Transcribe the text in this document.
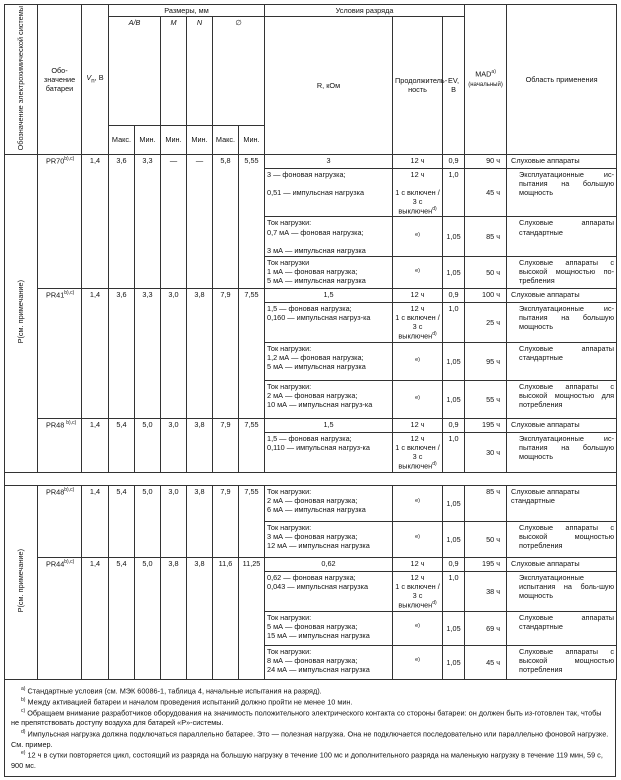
Обозначение электрохимической системы	Обо-значение батареи	$V_n$, В	Размеры, мм						Условия разряда			MAD$^{a)}$
(начальный)	Область применения
			A/B		M	N	∅		R, кОм	Продолжитель-ность	EV, В		
			Макс.	Мин.	Мин.	Мин.	Макс.	Мин.					
P(см. примечание)	$PR70^{b),c)}$	1,4	3,6	3,3	—	—	5,8	5,55	3	12 ч	0,9	90 ч	Слуховые аппараты
									3 — фоновая нагрузка;

0,51 — импульсная нагрузка	12 ч

1 с включен /
3 с выключен$^{d)}$	1,0	45 ч	Эксплуатационные ис-пытания на большую мощность
									Ток нагрузки:
0,7 мА — фоновая нагрузка;

3 мА — импульсная нагрузка	$^{e)}$	1,05	85 ч	Слуховые аппараты стандартные
									Ток нагрузки
1 мА — фоновая нагрузка;
5 мА — импульсная нагрузка	$^{e)}$	1,05	50 ч	Слуховые аппараты с высокой мощностью по-требления
	$PR41^{b),c)}$	1,4	3,6	3,3	3,0	3,8	7,9	7,55	1,5	12 ч	0,9	100 ч	Слуховые аппараты
									1,5 — фоновая нагрузка;
0,160 — импульсная нагруз-ка	12 ч
1 с включен /
3 с выключен$^{d)}$	1,0	25 ч	Эксплуатационные ис-пытания на большую мощность
									Ток нагрузки:
1,2 мА — фоновая нагрузка;
5 мА — импульсная нагрузка	$^{e)}$	1,05	95 ч	Слуховые аппараты стандартные
									Ток нагрузки:
2 мА — фоновая нагрузка;
10 мА — импульсная нагруз-ка	$^{e)}$	1,05	55 ч	Слуховые аппараты с высокой мощностью для потребления
	PR48 $^{b),c)}$	1,4	5,4	5,0	3,0	3,8	7,9	7,55	1,5	12 ч	0,9	195 ч	Слуховые аппараты
									1,5 — фоновая нагрузка;
0,110 — импульсная нагруз-ка	12 ч
1 с включен /
3 с выключен$^{d)}$	1,0	30 ч	Эксплуатационные ис-пытания на большую мощность

P(см. примечание)	$PR48^{b),c)}$	1,4	5,4	5,0	3,0	3,8	7,9	7,55	Ток нагрузки:
2 мА — фоновая нагрузка;
6 мА — импульсная нагрузка	$^{e)}$	1,05	85 ч	Слуховые аппараты стандартные
									Ток нагрузки:
3 мА — фоновая нагрузка;
12 мА — импульсная нагрузка	$^{e)}$	1,05	50 ч	Слуховые аппараты с высокой мощностью потребления
	$PR44^{b),c)}$	1,4	5,4	5,0	3,8	3,8	11,6	11,25	0,62	12 ч	0,9	195 ч	Слуховые аппараты
									0,62 — фоновая нагрузка;
0,043 — импульсная нагрузка	12 ч
1 с включен /
3 с выключен$^{d)}$	1,0	38 ч	Эксплуатационные испытания на боль-шую мощность
									Ток нагрузки:
5 мА — фоновая нагрузка;
15 мА — импульсная нагрузка	$^{e)}$	1,05	69 ч	Слуховые аппараты стандартные
									Ток нагрузки:
8 мА — фоновая нагрузка;
24 мА — импульсная нагрузка	$^{e)}$	1,05	45 ч	Слуховые аппараты с высокой мощностью потребления

$^{a)}$ Стандартные условия (см. МЭК 60086-1, таблица 4, начальные испытания на разряд).

$^{b)}$ Между активацией батареи и началом проведения испытаний должно пройти не менее 10 мин.

$^{c)}$ Обращаем внимание разработчиков оборудования на значимость положительного электрического контакта со стороны батареи: он должен быть из-готовлен так, чтобы не препятствовать доступу воздуха для батарей «P»-системы.

$^{d)}$ Импульсная нагрузка должна подключаться параллельно батарее. Это — полезная нагрузка. Она не подключается последовательно или параллельно фоновой нагрузке. См. пример.

$^{e)}$ 12 ч в сутки повторяется цикл, состоящий из разряда на большую нагрузку в течение 100 мс и дополнительного разряда на маленькую нагрузку в течение 119 мин, 59 с, 900 мс.
